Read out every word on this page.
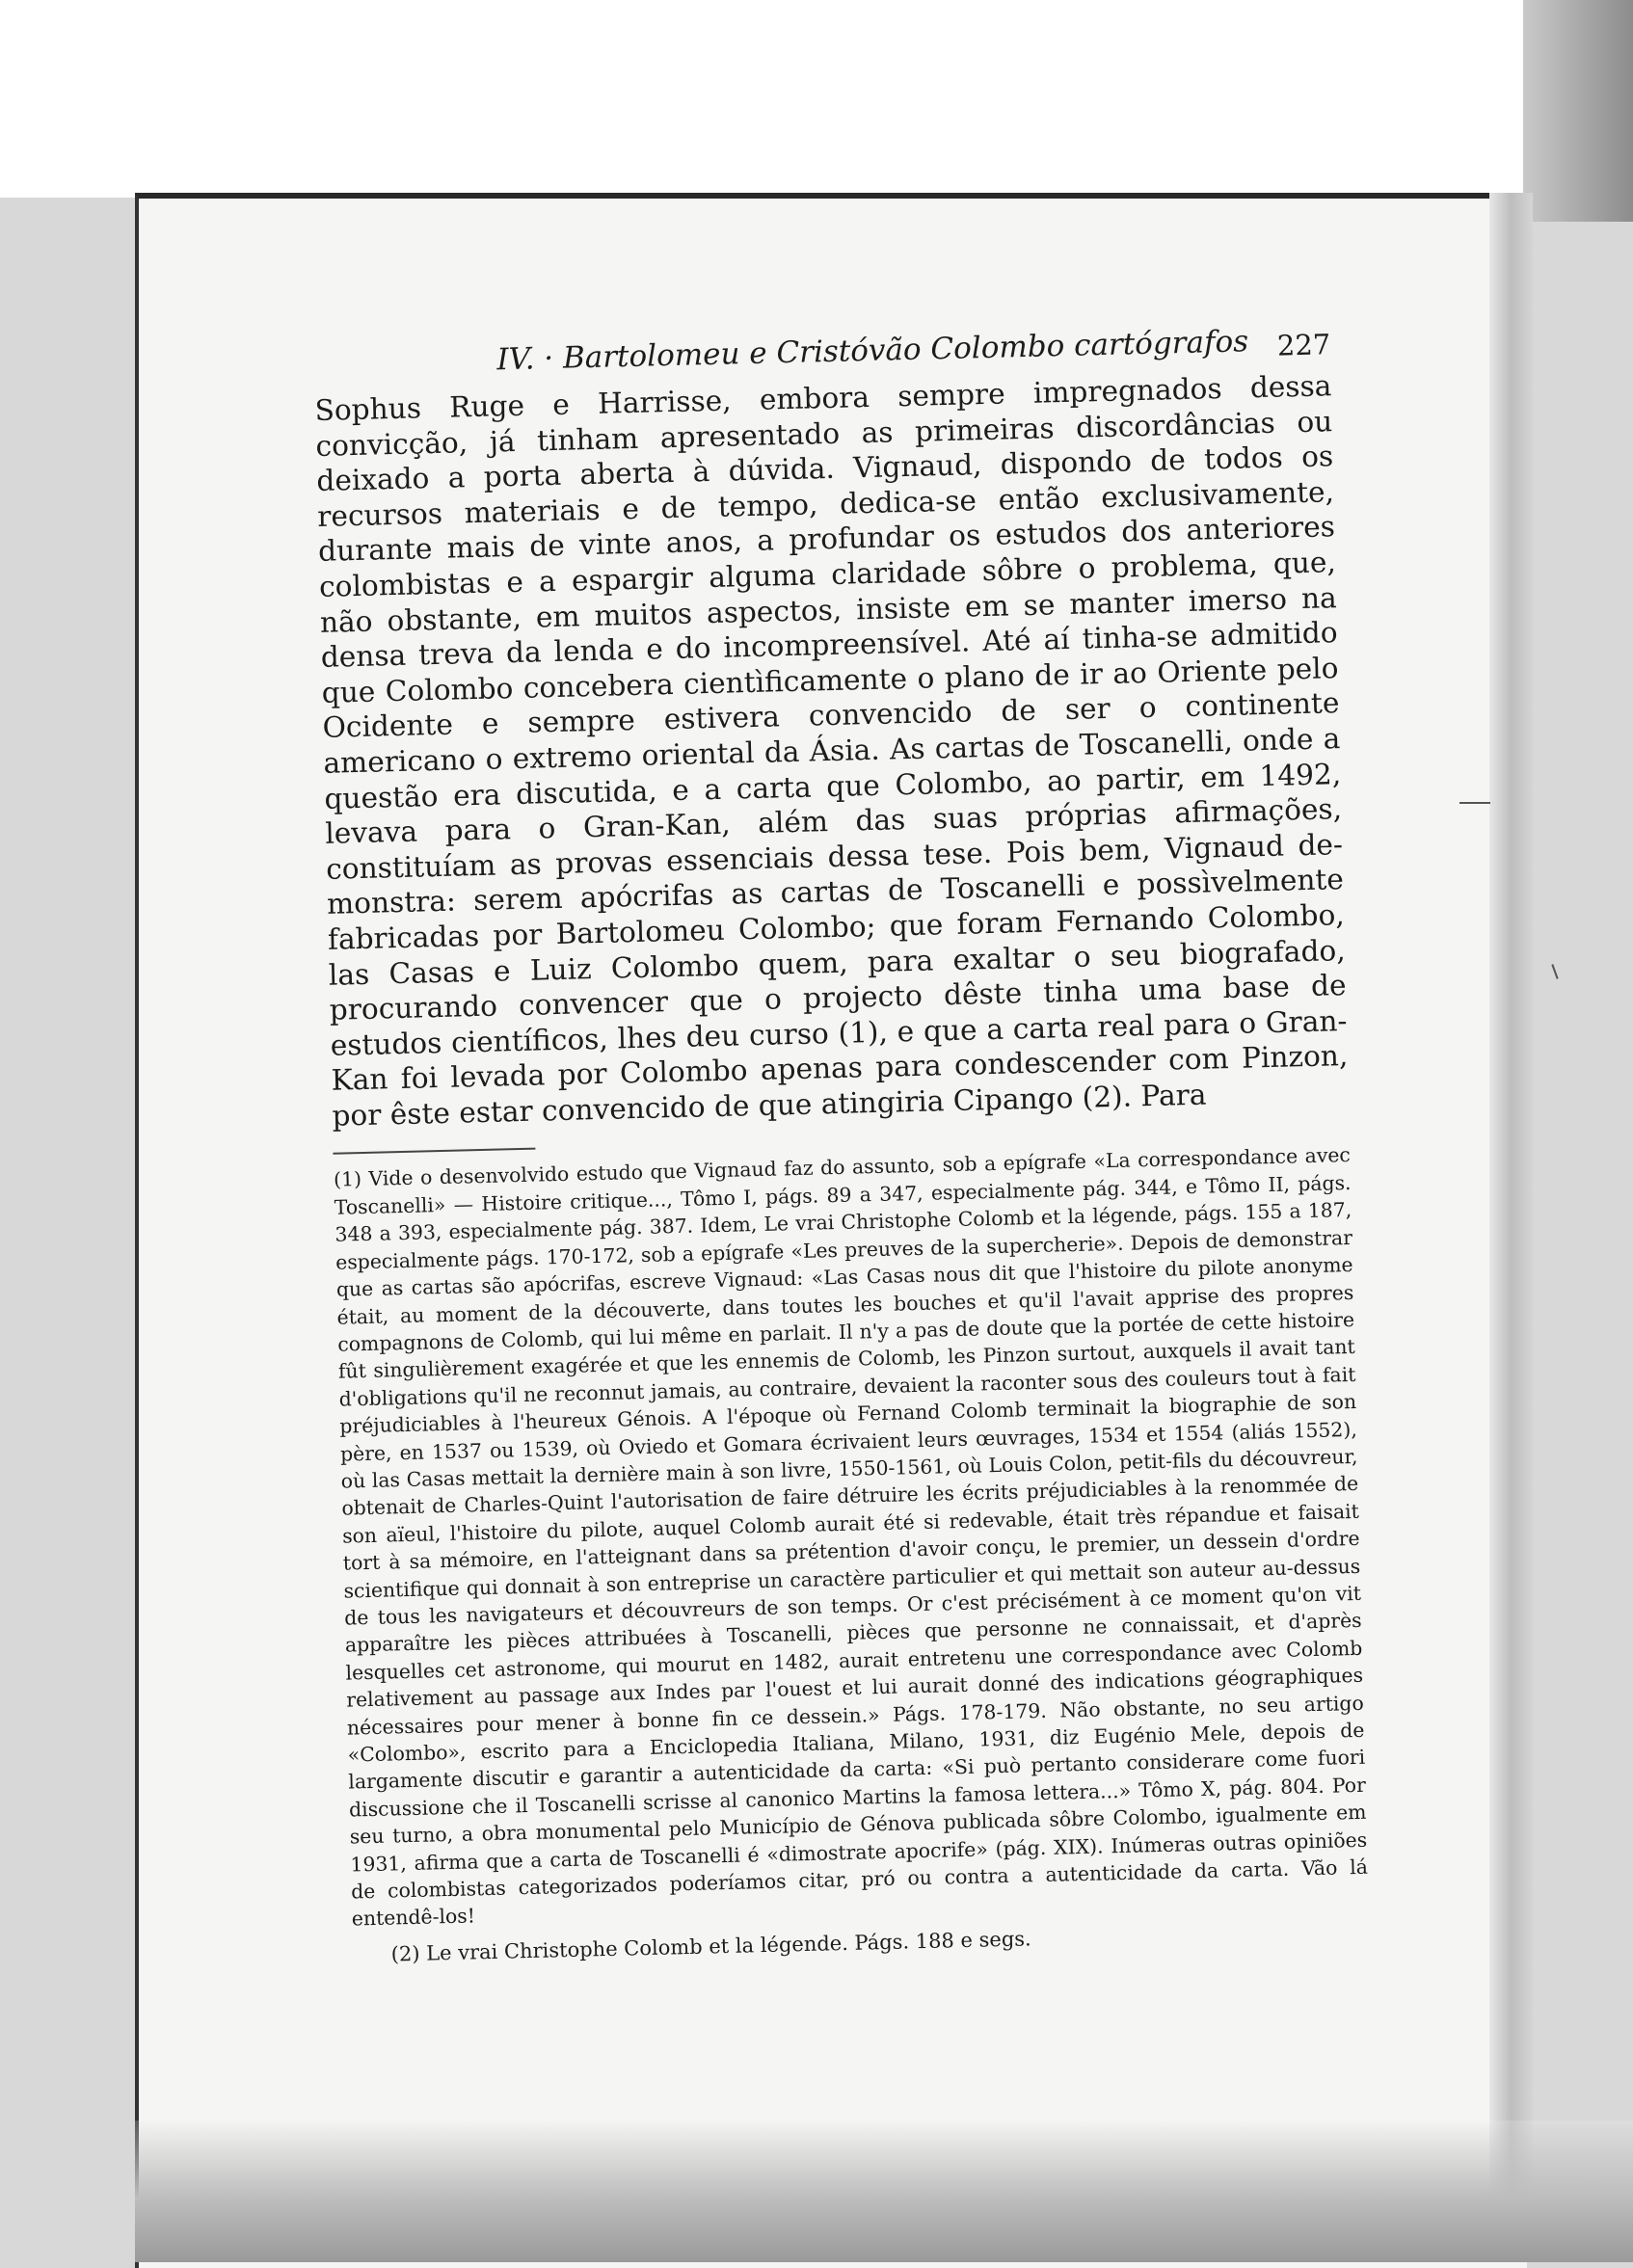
IV. · Bartolomeu e Cristóvão Colombo cartógrafos 227

Sophus Ruge e Harrisse, embora sempre impregnados dessa convicção, já tinham apresentado as primeiras discordâncias ou deixado a porta aberta à dúvida. Vignaud, dispondo de todos os recursos materiais e de tempo, dedica-se então exclusivamente, durante mais de vinte anos, a profundar os estudos dos anteriores colombistas e a espargir alguma claridade sôbre o problema, que, não obstante, em muitos aspectos, insiste em se manter imerso na densa treva da lenda e do incompreensível. Até aí tinha-se admitido que Colombo concebera cientìficamente o plano de ir ao Oriente pelo Ocidente e sempre estivera convencido de ser o continente americano o extremo oriental da Ásia. As cartas de Toscanelli, onde a questão era discutida, e a carta que Colombo, ao partir, em 1492, levava para o Gran-Kan, além das suas próprias afirmações, constituíam as provas essenciais dessa tese. Pois bem, Vignaud demonstra: serem apócrifas as cartas de Toscanelli e possìvelmente fabricadas por Bartolomeu Colombo; que foram Fernando Colombo, las Casas e Luiz Colombo quem, para exaltar o seu biografado, procurando convencer que o projecto dêste tinha uma base de estudos científicos, lhes deu curso (1), e que a carta real para o Gran-Kan foi levada por Colombo apenas para condescender com Pinzon, por êste estar convencido de que atingiria Cipango (2). Para

(1) Vide o desenvolvido estudo que Vignaud faz do assunto, sob a epígrafe «La correspondance avec Toscanelli» — Histoire critique..., Tômo I, págs. 89 a 347, especialmente pág. 344, e Tômo II, págs. 348 a 393, especialmente pág. 387. Idem, Le vrai Christophe Colomb et la légende, págs. 155 a 187, especialmente págs. 170-172, sob a epígrafe «Les preuves de la supercherie». Depois de demonstrar que as cartas são apócrifas, escreve Vignaud: «Las Casas nous dit que l'histoire du pilote anonyme était, au moment de la découverte, dans toutes les bouches et qu'il l'avait apprise des propres compagnons de Colomb, qui lui même en parlait. Il n'y a pas de doute que la portée de cette histoire fût singulièrement exagérée et que les ennemis de Colomb, les Pinzon surtout, auxquels il avait tant d'obligations qu'il ne reconnut jamais, au contraire, devaient la raconter sous des couleurs tout à fait préjudiciables à l'heureux Génois. A l'époque où Fernand Colomb terminait la biographie de son père, en 1537 ou 1539, où Oviedo et Gomara écrivaient leurs œuvrages, 1534 et 1554 (aliás 1552), où las Casas mettait la dernière main à son livre, 1550-1561, où Louis Colon, petit-fils du découvreur, obtenait de Charles-Quint l'autorisation de faire détruire les écrits préjudiciables à la renommée de son aïeul, l'histoire du pilote, auquel Colomb aurait été si redevable, était très répandue et faisait tort à sa mémoire, en l'atteignant dans sa prétention d'avoir conçu, le premier, un dessein d'ordre scientifique qui donnait à son entreprise un caractère particulier et qui mettait son auteur au-dessus de tous les navigateurs et découvreurs de son temps. Or c'est précisément à ce moment qu'on vit apparaître les pièces attribuées à Toscanelli, pièces que personne ne connaissait, et d'après lesquelles cet astronome, qui mourut en 1482, aurait entretenu une correspondance avec Colomb relativement au passage aux Indes par l'ouest et lui aurait donné des indications géographiques nécessaires pour mener à bonne fin ce dessein.» Págs. 178-179. Não obstante, no seu artigo «Colombo», escrito para a Enciclopedia Italiana, Milano, 1931, diz Eugénio Mele, depois de largamente discutir e garantir a autenticidade da carta: «Si può pertanto considerare come fuori discussione che il Toscanelli scrisse al canonico Martins la famosa lettera...» Tômo X, pág. 804. Por seu turno, a obra monumental pelo Município de Génova publicada sôbre Colombo, igualmente em 1931, afirma que a carta de Toscanelli é «dimostrate apocrife» (pág. XIX). Inúmeras outras opiniões de colombistas categorizados poderíamos citar, pró ou contra a autenticidade da carta. Vão lá entendê-los!

(2) Le vrai Christophe Colomb et la légende. Págs. 188 e segs.
